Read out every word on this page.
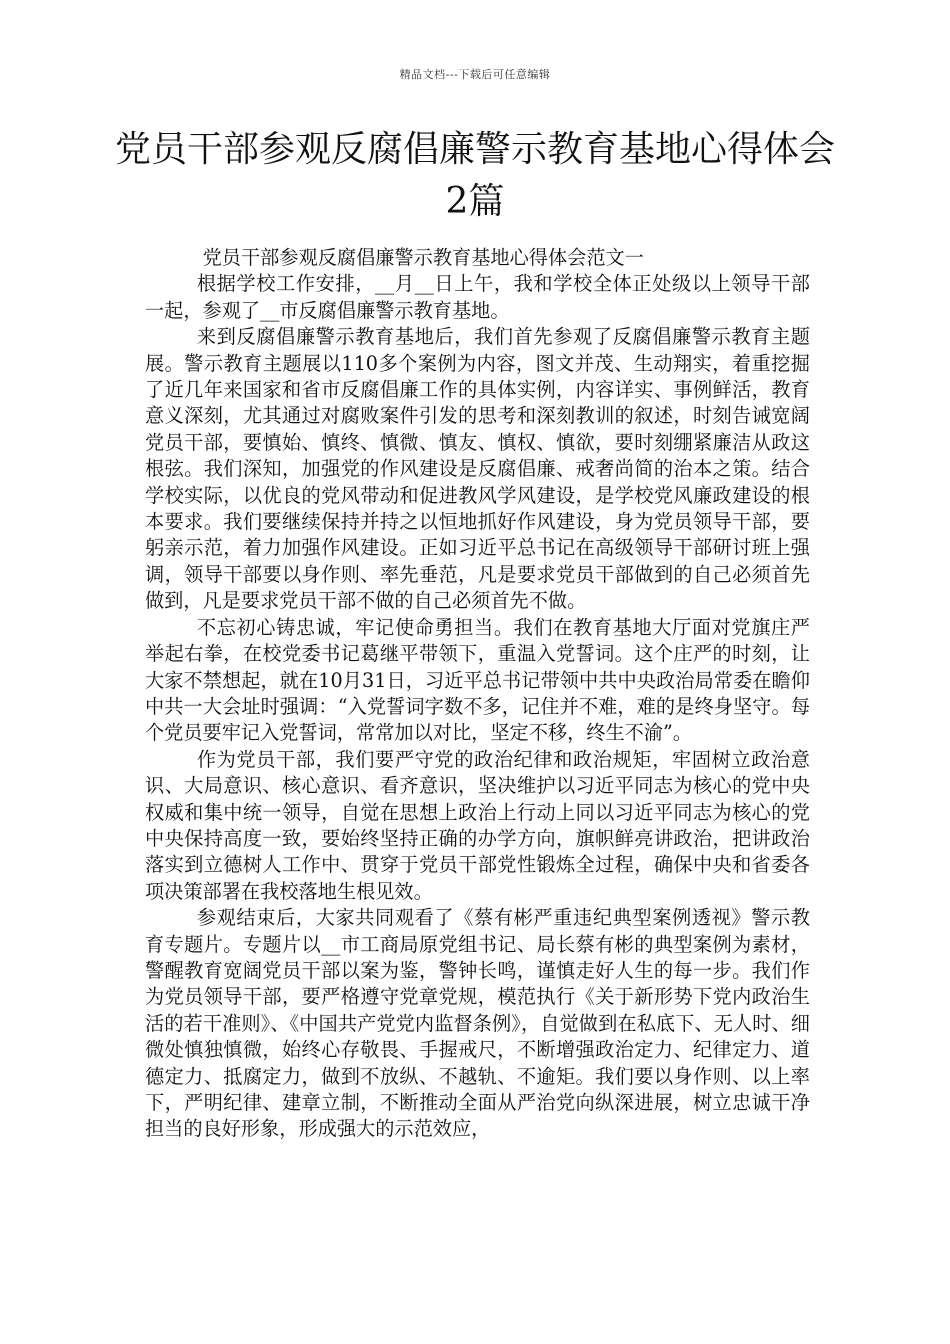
精品文档---下载后可任意编辑
党员干部参观反腐倡廉警示教育基地心得体会2篇

党员干部参观反腐倡廉警示教育基地心得体会范文一

根据学校工作安排，__月__日上午，我和学校全体正处级以上领导干部一起，参观了__市反腐倡廉警示教育基地。

来到反腐倡廉警示教育基地后，我们首先参观了反腐倡廉警示教育主题展。警示教育主题展以110多个案例为内容，图文并茂、生动翔实，着重挖掘了近几年来国家和省市反腐倡廉工作的具体实例，内容详实、事例鲜活，教育意义深刻，尤其通过对腐败案件引发的思考和深刻教训的叙述，时刻告诫宽阔党员干部，要慎始、慎终、慎微、慎友、慎权、慎欲，要时刻绷紧廉洁从政这根弦。我们深知，加强党的作风建设是反腐倡廉、戒奢尚简的治本之策。结合学校实际，以优良的党风带动和促进教风学风建设，是学校党风廉政建设的根本要求。我们要继续保持并持之以恒地抓好作风建设，身为党员领导干部，要躬亲示范，着力加强作风建设。正如习近平总书记在高级领导干部研讨班上强调，领导干部要以身作则、率先垂范，凡是要求党员干部做到的自己必须首先做到，凡是要求党员干部不做的自己必须首先不做。

不忘初心铸忠诚，牢记使命勇担当。我们在教育基地大厅面对党旗庄严举起右拳，在校党委书记葛继平带领下，重温入党誓词。这个庄严的时刻，让大家不禁想起，就在10月31日，习近平总书记带领中共中央政治局常委在瞻仰中共一大会址时强调：“入党誓词字数不多，记住并不难，难的是终身坚守。每个党员要牢记入党誓词，常常加以对比，坚定不移，终生不渝”。

作为党员干部，我们要严守党的政治纪律和政治规矩，牢固树立政治意识、大局意识、核心意识、看齐意识，坚决维护以习近平同志为核心的党中央权威和集中统一领导，自觉在思想上政治上行动上同以习近平同志为核心的党中央保持高度一致，要始终坚持正确的办学方向，旗帜鲜亮讲政治，把讲政治落实到立德树人工作中、贯穿于党员干部党性锻炼全过程，确保中央和省委各项决策部署在我校落地生根见效。

参观结束后，大家共同观看了《蔡有彬严重违纪典型案例透视》警示教育专题片。专题片以__市工商局原党组书记、局长蔡有彬的典型案例为素材，警醒教育宽阔党员干部以案为鉴，警钟长鸣，谨慎走好人生的每一步。我们作为党员领导干部，要严格遵守党章党规，模范执行《关于新形势下党内政治生活的若干准则》、《中国共产党党内监督条例》，自觉做到在私底下、无人时、细微处慎独慎微，始终心存敬畏、手握戒尺，不断增强政治定力、纪律定力、道德定力、抵腐定力，做到不放纵、不越轨、不逾矩。我们要以身作则、以上率下，严明纪律、建章立制，不断推动全面从严治党向纵深进展，树立忠诚干净担当的良好形象，形成强大的示范效应，
